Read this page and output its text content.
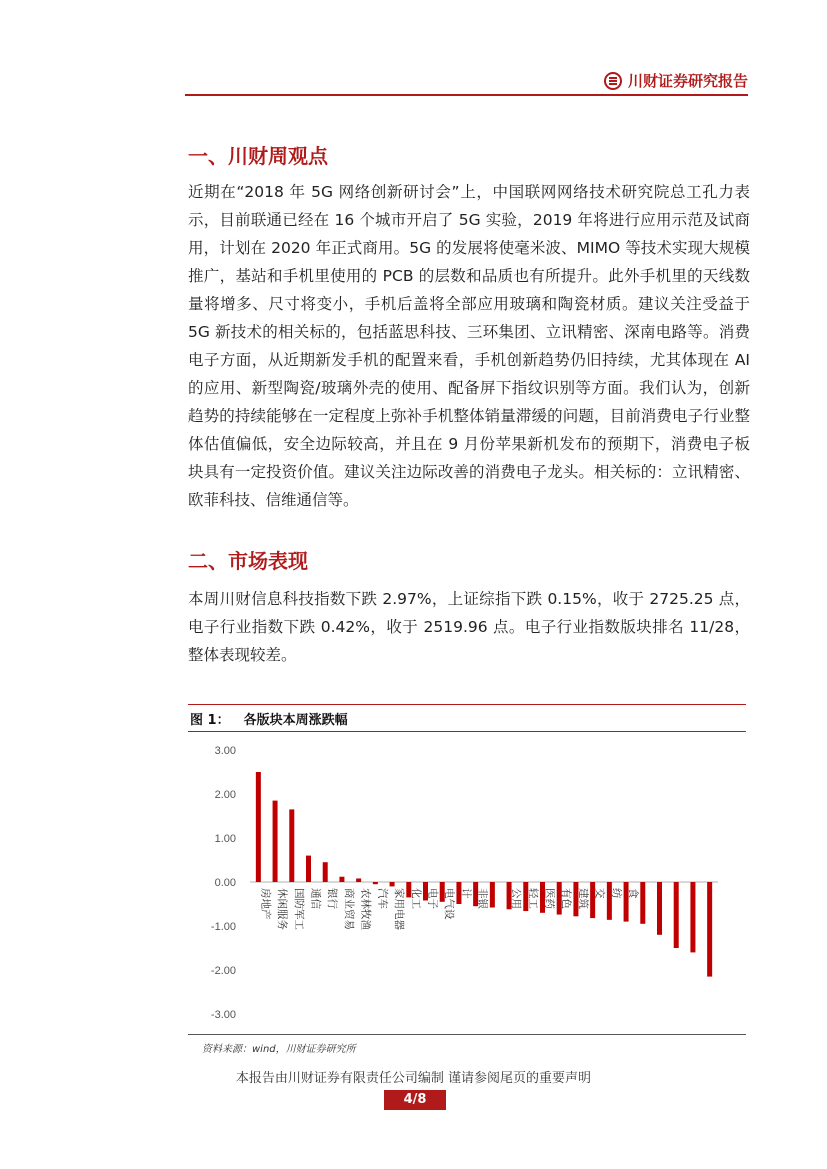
川财证券研究报告
一、川财周观点

近期在“2018 年 5G 网络创新研讨会”上，中国联网网络技术研究院总工孔力表示，目前联通已经在 16 个城市开启了 5G 实验，2019 年将进行应用示范及试商用，计划在 2020 年正式商用。5G 的发展将使毫米波、MIMO 等技术实现大规模推广，基站和手机里使用的 PCB 的层数和品质也有所提升。此外手机里的天线数量将增多、尺寸将变小，手机后盖将全部应用玻璃和陶瓷材质。建议关注受益于 5G 新技术的相关标的，包括蓝思科技、三环集团、立讯精密、深南电路等。消费电子方面，从近期新发手机的配置来看，手机创新趋势仍旧持续，尤其体现在 AI 的应用、新型陶瓷/玻璃外壳的使用、配备屏下指纹识别等方面。我们认为，创新趋势的持续能够在一定程度上弥补手机整体销量滞缓的问题，目前消费电子行业整体估值偏低，安全边际较高，并且在 9 月份苹果新机发布的预期下，消费电子板块具有一定投资价值。建议关注边际改善的消费电子龙头。相关标的：立讯精密、欧菲科技、信维通信等。

二、市场表现

本周川财信息科技指数下跌 2.97%，上证综指下跌 0.15%，收于 2725.25 点，电子行业指数下跌 0.42%，收于 2519.96 点。电子行业指数版块排名 11/28，整体表现较差。

图 1： 各版块本周涨跌幅
3.00
2.00
1.00
0.00
-1.00
-2.00
-3.00
房地产 休闲服务 国防军工 通信 银行 商业贸易 农林牧渔 汽车 家用电器 化工 电子 电气设 计 非银 公用 轻工 医药 有色 建筑 交 纺 食
资料来源：wind，川财证券研究所
本报告由川财证券有限责任公司编制 谨请参阅尾页的重要声明
4/8
